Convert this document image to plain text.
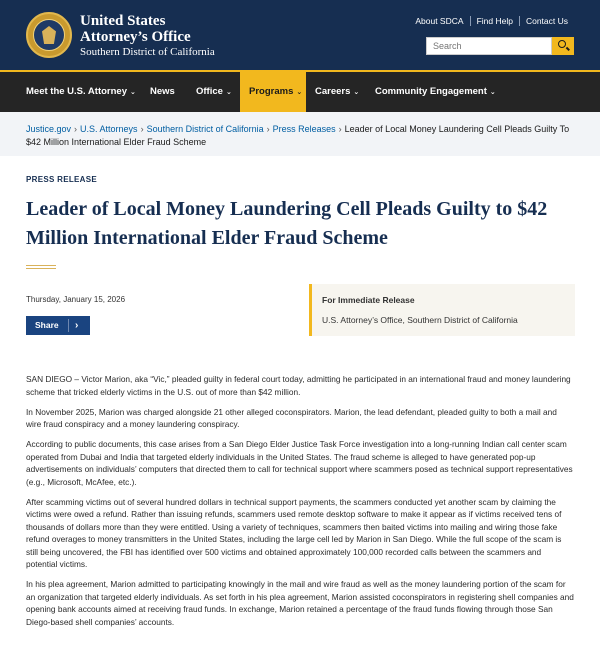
United States
Attorney’s Office
Southern District of California
About SDCA	Find Help	Contact Us
Search
Meet the U.S. Attorney ⌄ News Office ⌄	Programs ⌄	Careers ⌄ Community Engagement ⌄
Justice.gov › U.S. Attorneys › Southern District of California › Press Releases › Leader of Local Money Laundering Cell Pleads Guilty To $42 Million International Elder Fraud Scheme
PRESS RELEASE
Leader of Local Money Laundering Cell Pleads Guilty to $42 Million International Elder Fraud Scheme
Thursday, January 15, 2026
Share ›
For Immediate Release
U.S. Attorney’s Office, Southern District of California

SAN DIEGO – Victor Marion, aka “Vic,” pleaded guilty in federal court today, admitting he participated in an international fraud and money laundering scheme that tricked elderly victims in the U.S. out of more than $42 million.

In November 2025, Marion was charged alongside 21 other alleged coconspirators. Marion, the lead defendant, pleaded guilty to both a mail and wire fraud conspiracy and a money laundering conspiracy.

According to public documents, this case arises from a San Diego Elder Justice Task Force investigation into a long-running Indian call center scam operated from Dubai and India that targeted elderly individuals in the United States. The fraud scheme is alleged to have generated pop-up advertisements on individuals’ computers that directed them to call for technical support where scammers posed as technical support representatives (e.g., Microsoft, McAfee, etc.).

After scamming victims out of several hundred dollars in technical support payments, the scammers conducted yet another scam by claiming the victims were owed a refund. Rather than issuing refunds, scammers used remote desktop software to make it appear as if victims received tens of thousands of dollars more than they were entitled. Using a variety of techniques, scammers then baited victims into mailing and wiring those fake refund overages to money transmitters in the United States, including the large cell led by Marion in San Diego. While the full scope of the scam is still being uncovered, the FBI has identified over 500 victims and obtained approximately 100,000 recorded calls between the scammers and potential victims.

In his plea agreement, Marion admitted to participating knowingly in the mail and wire fraud as well as the money laundering portion of the scam for an organization that targeted elderly individuals. As set forth in his plea agreement, Marion assisted coconspirators in registering shell companies and opening bank accounts aimed at receiving fraud funds. In exchange, Marion retained a percentage of the fraud funds flowing through those San Diego-based shell companies’ accounts.
